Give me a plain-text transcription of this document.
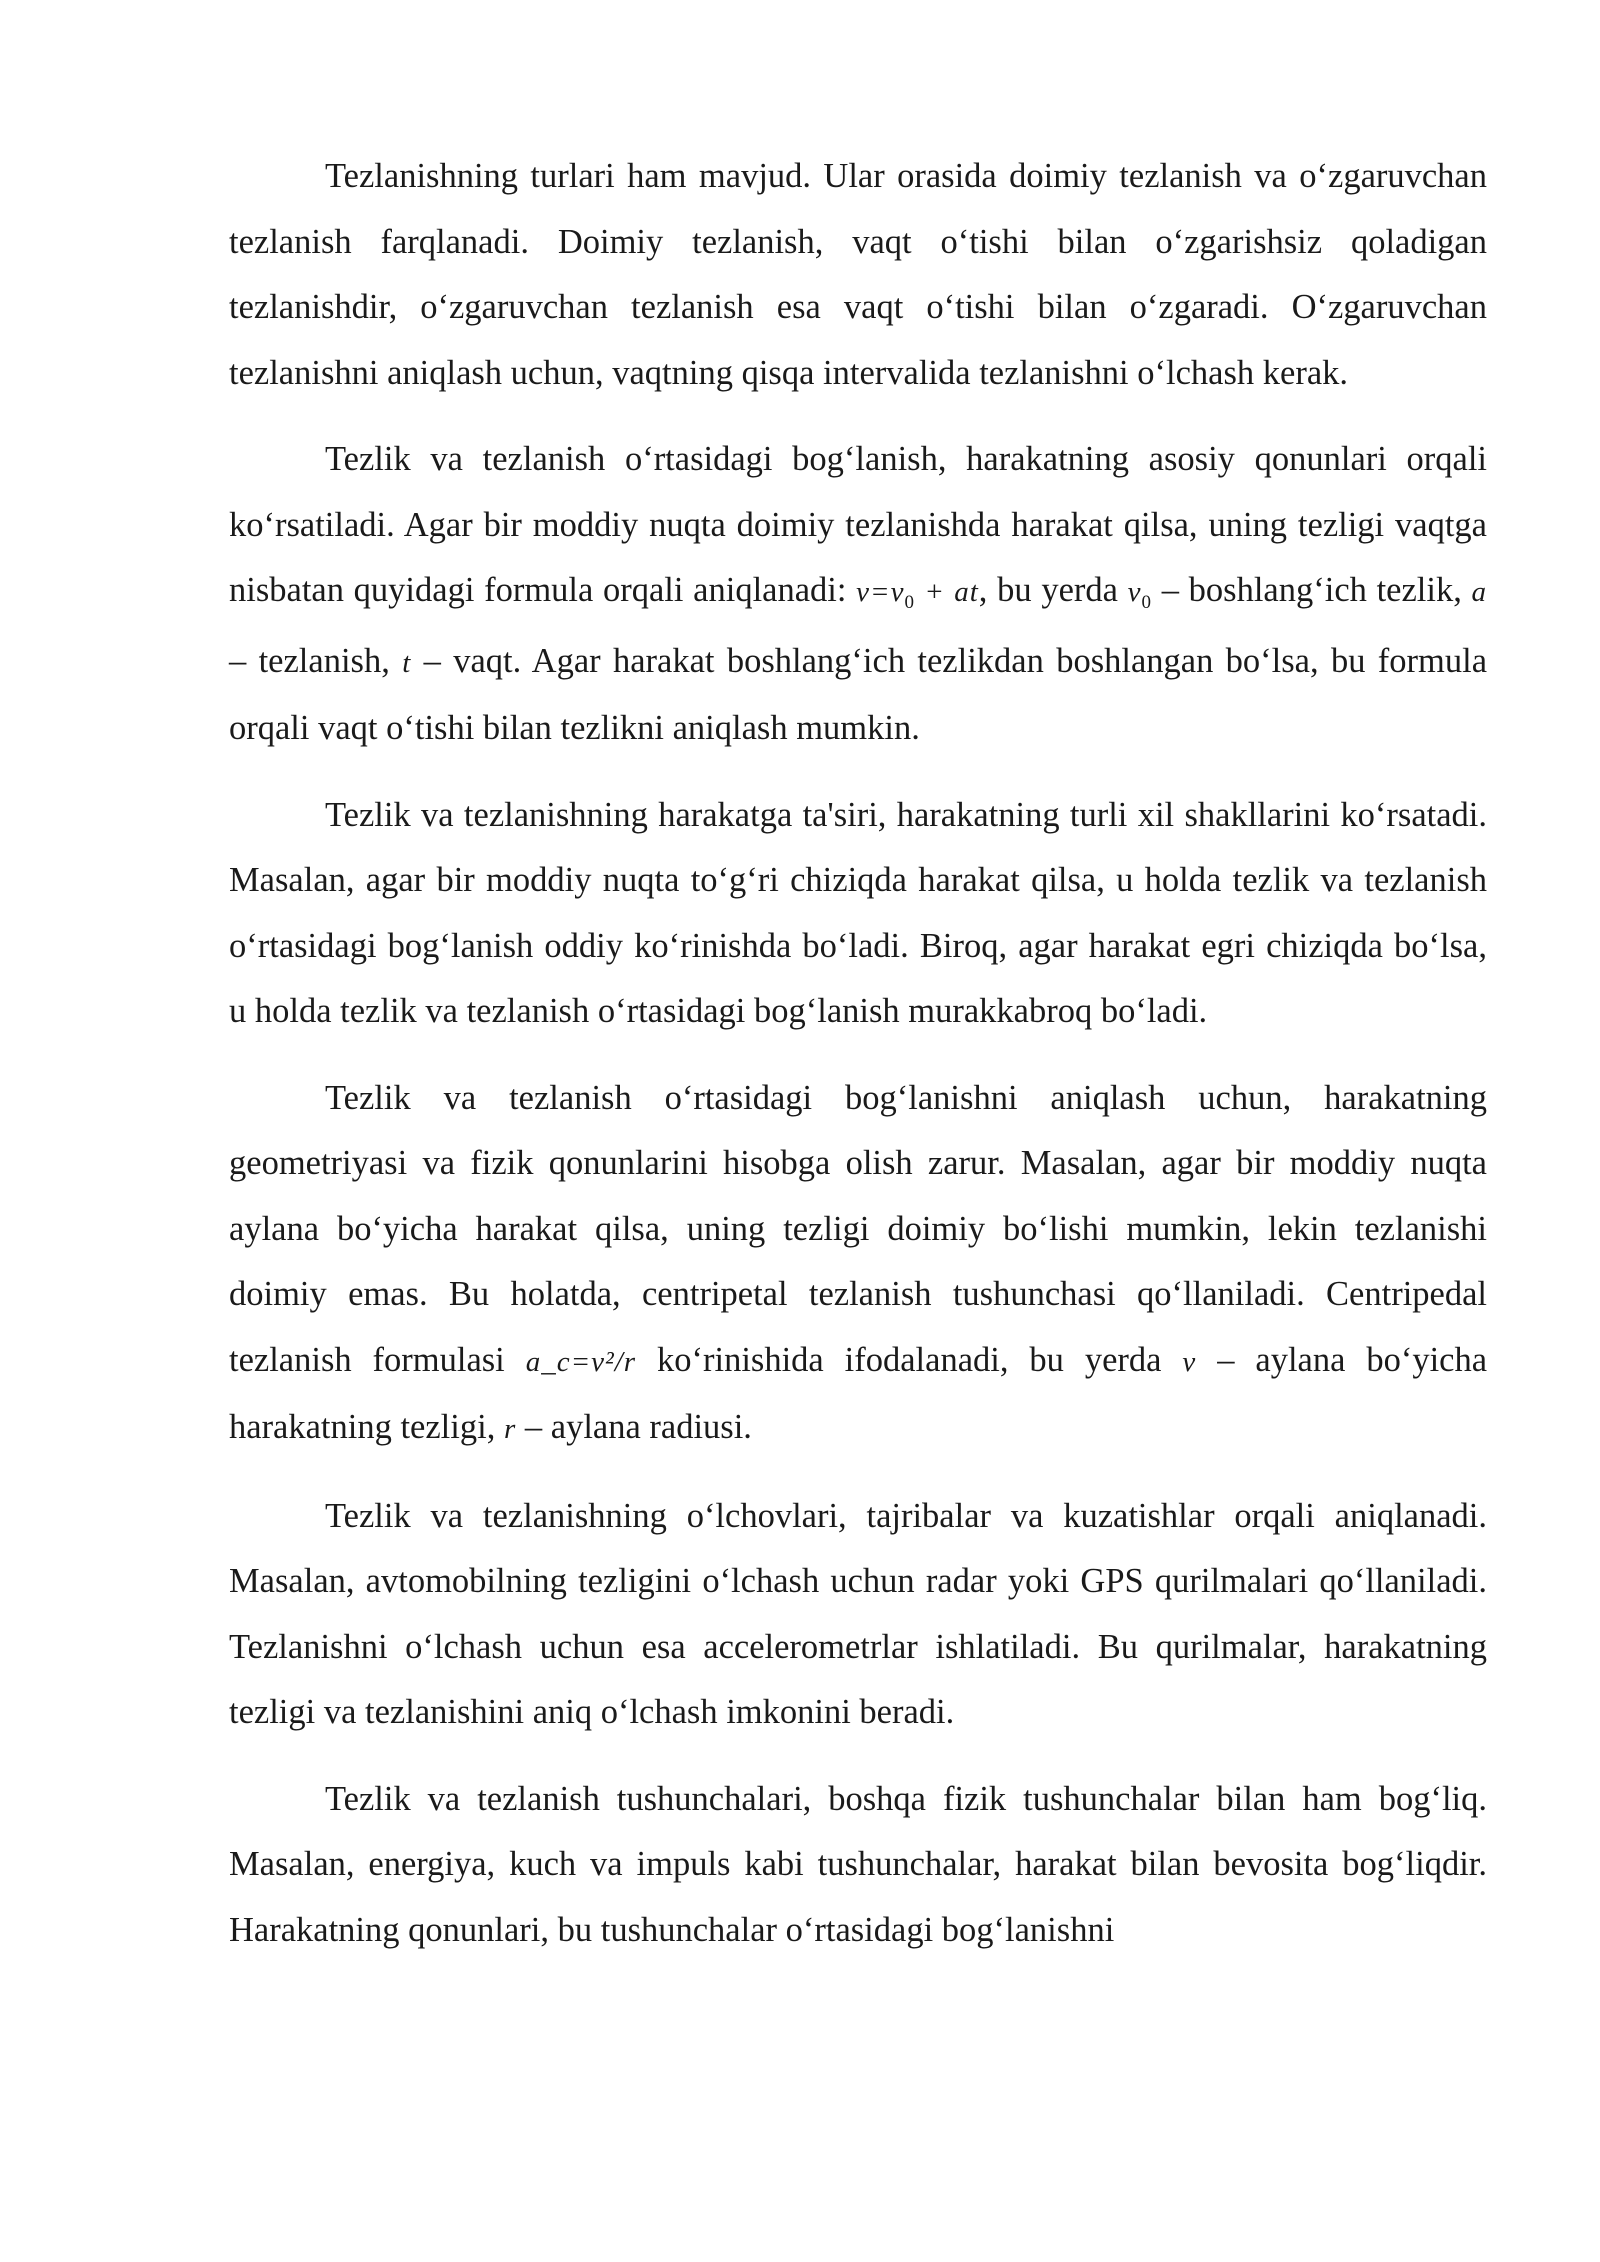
Tezlanishning turlari ham mavjud. Ular orasida doimiy tezlanish va o‘zgaruvchan tezlanish farqlanadi. Doimiy tezlanish, vaqt o‘tishi bilan o‘zgarishsiz qoladigan tezlanishdir, o‘zgaruvchan tezlanish esa vaqt o‘tishi bilan o‘zgaradi. O‘zgaruvchan tezlanishni aniqlash uchun, vaqtning qisqa intervalida tezlanishni o‘lchash kerak.

Tezlik va tezlanish o‘rtasidagi bog‘lanish, harakatning asosiy qonunlari orqali ko‘rsatiladi. Agar bir moddiy nuqta doimiy tezlanishda harakat qilsa, uning tezligi vaqtga nisbatan quyidagi formula orqali aniqlanadi: $v=v_0$ + at, bu yerda $v_0$ – boshlang‘ich tezlik, a – tezlanish, t – vaqt. Agar harakat boshlang‘ich tezlikdan boshlangan bo‘lsa, bu formula orqali vaqt o‘tishi bilan tezlikni aniqlash mumkin.

Tezlik va tezlanishning harakatga ta'siri, harakatning turli xil shakllarini ko‘rsatadi. Masalan, agar bir moddiy nuqta to‘g‘ri chiziqda harakat qilsa, u holda tezlik va tezlanish o‘rtasidagi bog‘lanish oddiy ko‘rinishda bo‘ladi. Biroq, agar harakat egri chiziqda bo‘lsa, u holda tezlik va tezlanish o‘rtasidagi bog‘lanish murakkabroq bo‘ladi.

Tezlik va tezlanish o‘rtasidagi bog‘lanishni aniqlash uchun, harakatning geometriyasi va fizik qonunlarini hisobga olish zarur. Masalan, agar bir moddiy nuqta aylana bo‘yicha harakat qilsa, uning tezligi doimiy bo‘lishi mumkin, lekin tezlanishi doimiy emas. Bu holatda, centripetal tezlanish tushunchasi qo‘llaniladi. Centripedal tezlanish formulasi a_c=v²/r ko‘rinishida ifodalanadi, bu yerda v – aylana bo‘yicha harakatning tezligi, r – aylana radiusi.

Tezlik va tezlanishning o‘lchovlari, tajribalar va kuzatishlar orqali aniqlanadi. Masalan, avtomobilning tezligini o‘lchash uchun radar yoki GPS qurilmalari qo‘llaniladi. Tezlanishni o‘lchash uchun esa accelerometrlar ishlatiladi. Bu qurilmalar, harakatning tezligi va tezlanishini aniq o‘lchash imkonini beradi.

Tezlik va tezlanish tushunchalari, boshqa fizik tushunchalar bilan ham bog‘liq. Masalan, energiya, kuch va impuls kabi tushunchalar, harakat bilan bevosita bog‘liqdir. Harakatning qonunlari, bu tushunchalar o‘rtasidagi bog‘lanishni
